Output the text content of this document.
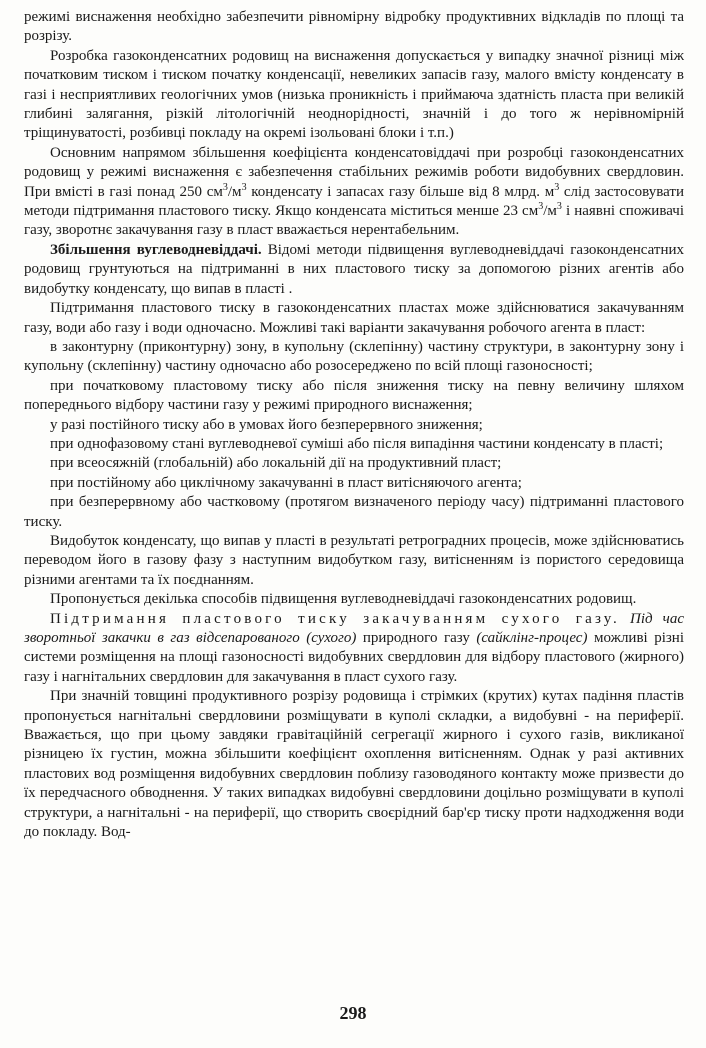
режимі виснаження необхідно забезпечити рівномірну відробку продуктивних відкладів по площі та розрізу.

Розробка газоконденсатних родовищ на виснаження допускається у випадку значної різниці між початковим тиском і тиском початку конденсації, невеликих запасів газу, малого вмісту конденсату в газі і несприятливих геологічних умов (низька проникність і приймаюча здатність пласта при великій глибині залягання, різкій літологічній неоднорідності, значній і до того ж нерівномірній тріщинуватості, розбивці покладу на окремі ізольовані блоки і т.п.)

Основним напрямом збільшення коефіцієнта конденсатовіддачі при розробці газоконденсатних родовищ у режимі виснаження є забезпечення стабільних режимів роботи видобувних свердловин. При вмісті в газі понад 250 $см^3/м^3$ конденсату і запасах газу більше від 8 млрд. $м^3$ слід застосовувати методи підтримання пластового тиску. Якщо конденсата міститься менше 23 $см^3/м^3$ і наявні споживачі газу, зворотнє закачування газу в пласт вважається нерентабельним.

Збільшення вуглеводневіддачі. Відомі методи підвищення вуглеводневіддачі газоконденсатних родовищ грунтуються на підтриманні в них пластового тиску за допомогою різних агентів або видобутку конденсату, що випав в пласті .

Підтримання пластового тиску в газоконденсатних пластах може здійснюватися закачуванням газу, води або газу і води одночасно. Можливі такі варіанти закачування робочого агента в пласт:

в законтурну (приконтурну) зону, в купольну (склепінну) частину структури, в законтурну зону і купольну (склепінну) частину одночасно або розосереджено по всій площі газоносності;

при початковому пластовому тиску або після зниження тиску на певну величину шляхом попереднього відбору частини газу у режимі природного виснаження;

у разі постійного тиску або в умовах його безперервного зниження;

при однофазовому стані вуглеводневої суміші або після випадіння частини конденсату в пласті;

при всеосяжній (глобальній) або локальній дії на продуктивний пласт;

при постійному або циклічному закачуванні в пласт витісняючого агента;

при безперервному або частковому (протягом визначеного періоду часу) підтриманні пластового тиску.

Видобуток конденсату, що випав у пласті в результаті ретроградних процесів, може здійснюватись переводом його в газову фазу з наступним видобутком газу, витісненням із пористого середовища різними агентами та їх поєднанням.

Пропонується декілька способів підвищення вуглеводневіддачі газоконденсатних родовищ.

Підтримання пластового тиску закачуванням сухого газу. Під час зворотньої закачки в газ відсепарованого (сухого) природного газу (сайклінг-процес) можливі різні системи розміщення на площі газоносності видобувних свердловин для відбору пластового (жирного) газу і нагнітальних свердловин для закачування в пласт сухого газу.

При значній товщині продуктивного розрізу родовища і стрімких (крутих) кутах падіння пластів пропонується нагнітальні свердловини розміщувати в куполі складки, а видобувні - на периферії. Вважається, що при цьому завдяки гравітаційній сегрегації жирного і сухого газів, викликаної різницею їх густин, можна збільшити коефіцієнт охоплення витісненням. Однак у разі активних пластових вод розміщення видобувних свердловин поблизу газоводяного контакту може призвести до їх передчасного обводнення. У таких випадках видобувні свердловини доцільно розміщувати в куполі структури, а нагнітальні - на периферії, що створить своєрідний бар'єр тиску проти надходження води до покладу. Вод-

298
